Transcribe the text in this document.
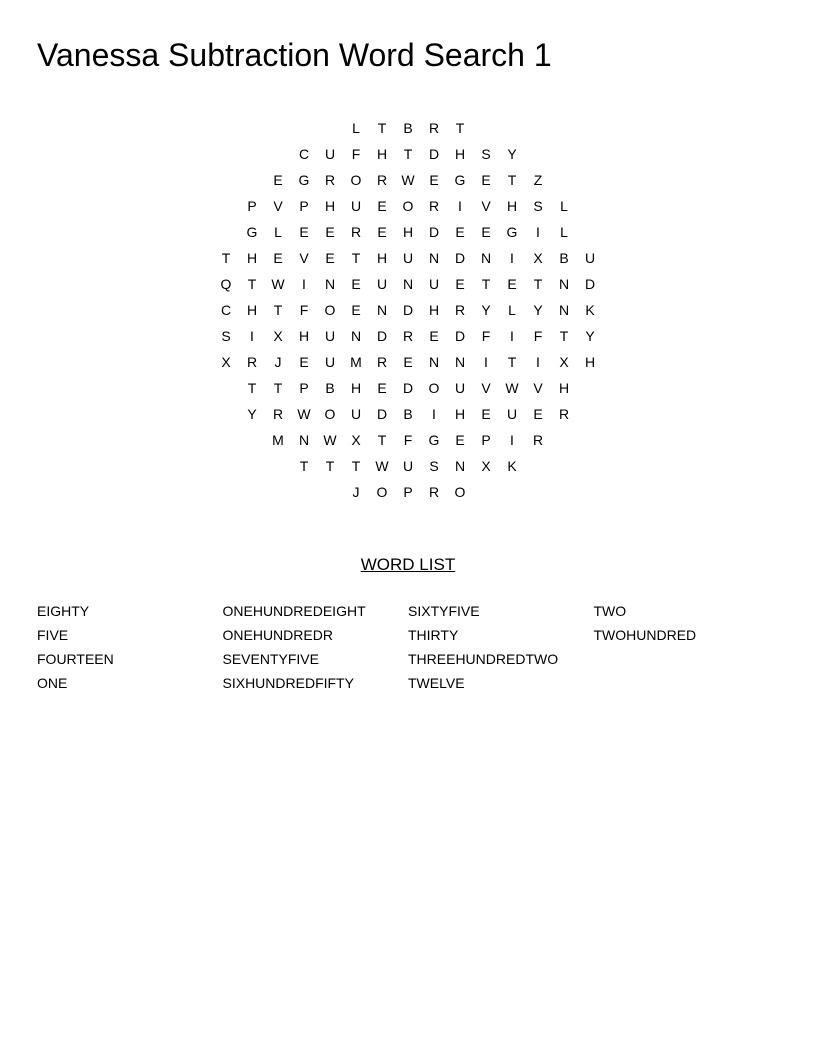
Vanessa Subtraction Word Search 1
L	T	B	R	T
C	U	F	H	T	D	H	S	Y
E	G	R	O	R	W	E	G	E	T	Z
P	V	P	H	U	E	O	R	I	V	H	S	L
G	L	E	E	R	E	H	D	E	E	G	I	L
T	H	E	V	E	T	H	U	N	D	N	I	X	B	U
Q	T	W	I	N	E	U	N	U	E	T	E	T	N	D
C	H	T	F	O	E	N	D	H	R	Y	L	Y	N	K
S	I	X	H	U	N	D	R	E	D	F	I	F	T	Y
X	R	J	E	U	M	R	E	N	N	I	T	I	X	H
T	T	P	B	H	E	D	O	U	V	W	V	H
Y	R	W O	U	D	B	I	H	E	U	E	R
M	N	W	X	T	F	G	E	P	I	R
T	T	T	W	U	S	N	X	K
J	O	P	R	O
WORD LIST
EIGHTY
FIVE
FOURTEEN
ONE
ONEHUNDREDEIGHT
ONEHUNDREDR
SEVENTYFIVE
SIXHUNDREDFIFTY
SIXTYFIVE
THIRTY
THREEHUNDREDTWO
TWELVE
TWO
TWOHUNDRED
